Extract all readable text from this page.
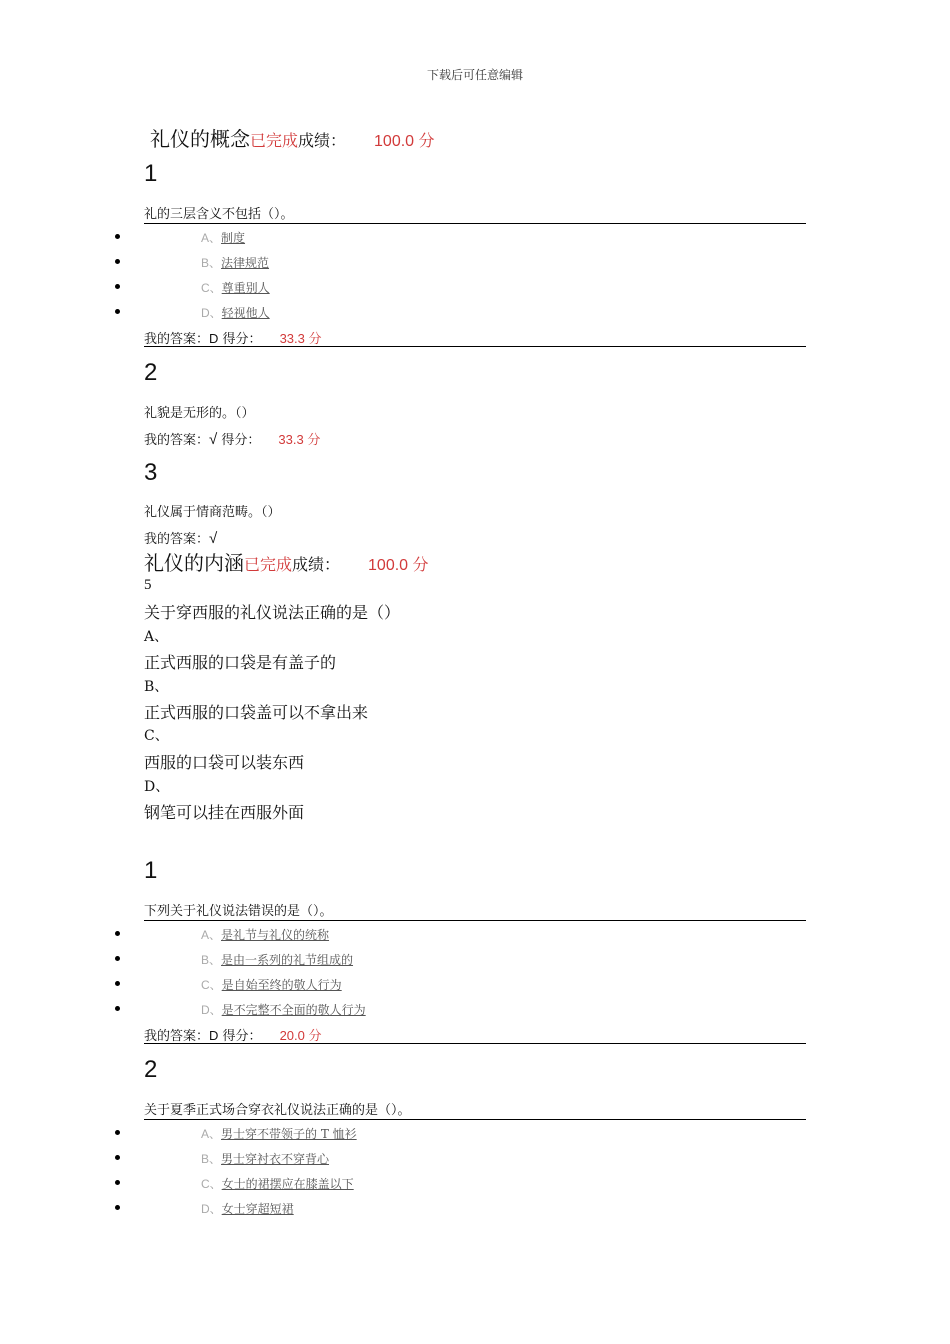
下载后可任意编辑
礼仪的概念已完成成绩： 100.0 分
1
礼的三层含义不包括（）。
A、制度
B、法律规范
C、尊重别人
D、轻视他人
我的答案：D 得分： 33.3 分
2
礼貌是无形的。（）
我的答案：√ 得分： 33.3 分
3
礼仪属于情商范畴。（）
我的答案：√
礼仪的内涵已完成成绩： 100.0 分
5
关于穿西服的礼仪说法正确的是（）
A、
正式西服的口袋是有盖子的
B、
正式西服的口袋盖可以不拿出来
C、
西服的口袋可以装东西
D、
钢笔可以挂在西服外面
1
下列关于礼仪说法错误的是（）。
A、是礼节与礼仪的统称
B、是由一系列的礼节组成的
C、是自始至终的敬人行为
D、是不完整不全面的敬人行为
我的答案：D 得分： 20.0 分
2
关于夏季正式场合穿衣礼仪说法正确的是（）。
A、男士穿不带领子的 T 恤衫
B、男士穿衬衣不穿背心
C、女士的裙摆应在膝盖以下
D、女士穿超短裙
